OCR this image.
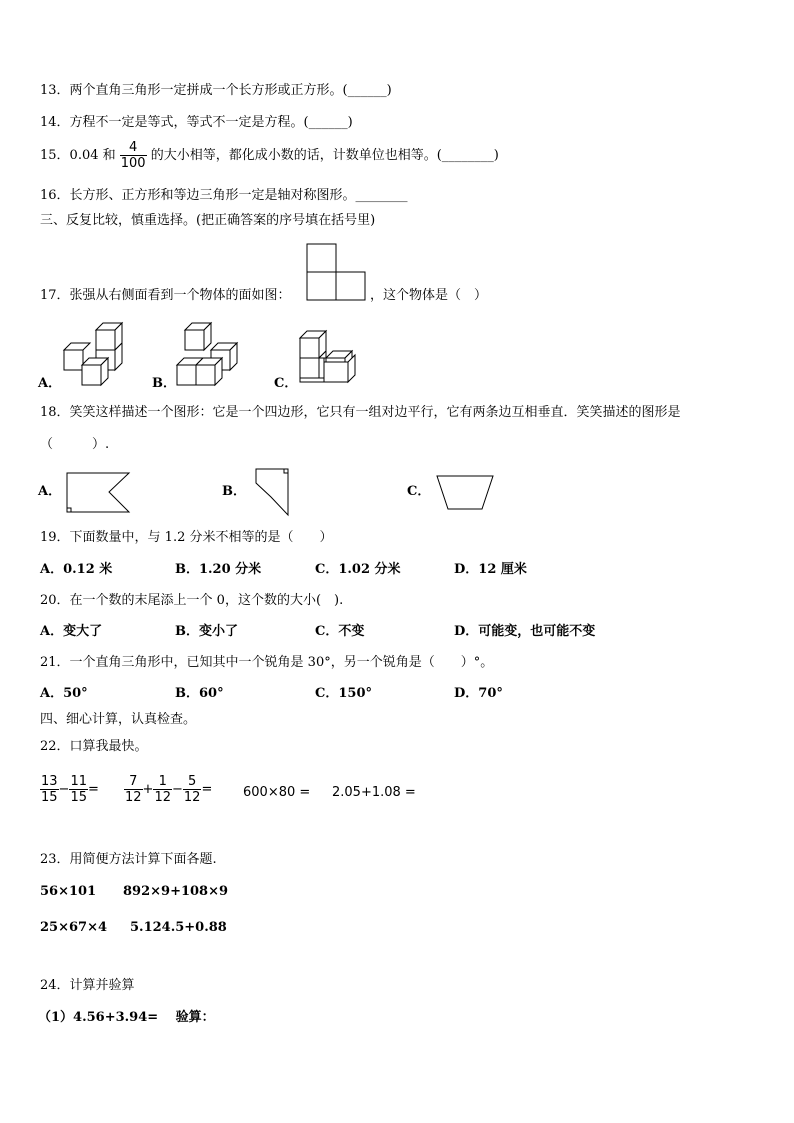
13．两个直角三角形一定拼成一个长方形或正方形。(______)
14．方程不一定是等式，等式不一定是方程。(______)
15．0.04 和 $\frac{4}{100}$ 的大小相等，都化成小数的话，计数单位也相等。(________)
16．长方形、正方形和等边三角形一定是轴对称图形。________
三、反复比较，慎重选择。(把正确答案的序号填在括号里)
17．张强从右侧面看到一个物体的面如图：	，这个物体是（　）
A．	B．	C．
18．笑笑这样描述一个图形：它是一个四边形，它只有一组对边平行，它有两条边互相垂直．笑笑描述的图形是
（　　　）.
A．	B．	C．
19．下面数量中，与 1.2 分米不相等的是（　　）
A．0.12 米	B．1.20 分米	C．1.02 分米	D．12 厘米
20．在一个数的末尾添上一个 0，这个数的大小(　).
A．变大了	B．变小了	C．不变	D．可能变，也可能不变
21．一个直角三角形中，已知其中一个锐角是 30°，另一个锐角是（　　）°。
A．50°	B．60°	C．150°	D．70°
四、细心计算，认真检查。
22．口算我最快。
$\frac{13}{15} - \frac{11}{15} = \frac{7}{12} + \frac{1}{12} - \frac{5}{12} = 600\times 80 = 2.05+1.08$ =
23．用简便方法计算下面各题.
56×101 892×9+108×9
25×67×4 5.124.5+0.88
24．计算并验算
（1）4.56+3.94=　 验算：
